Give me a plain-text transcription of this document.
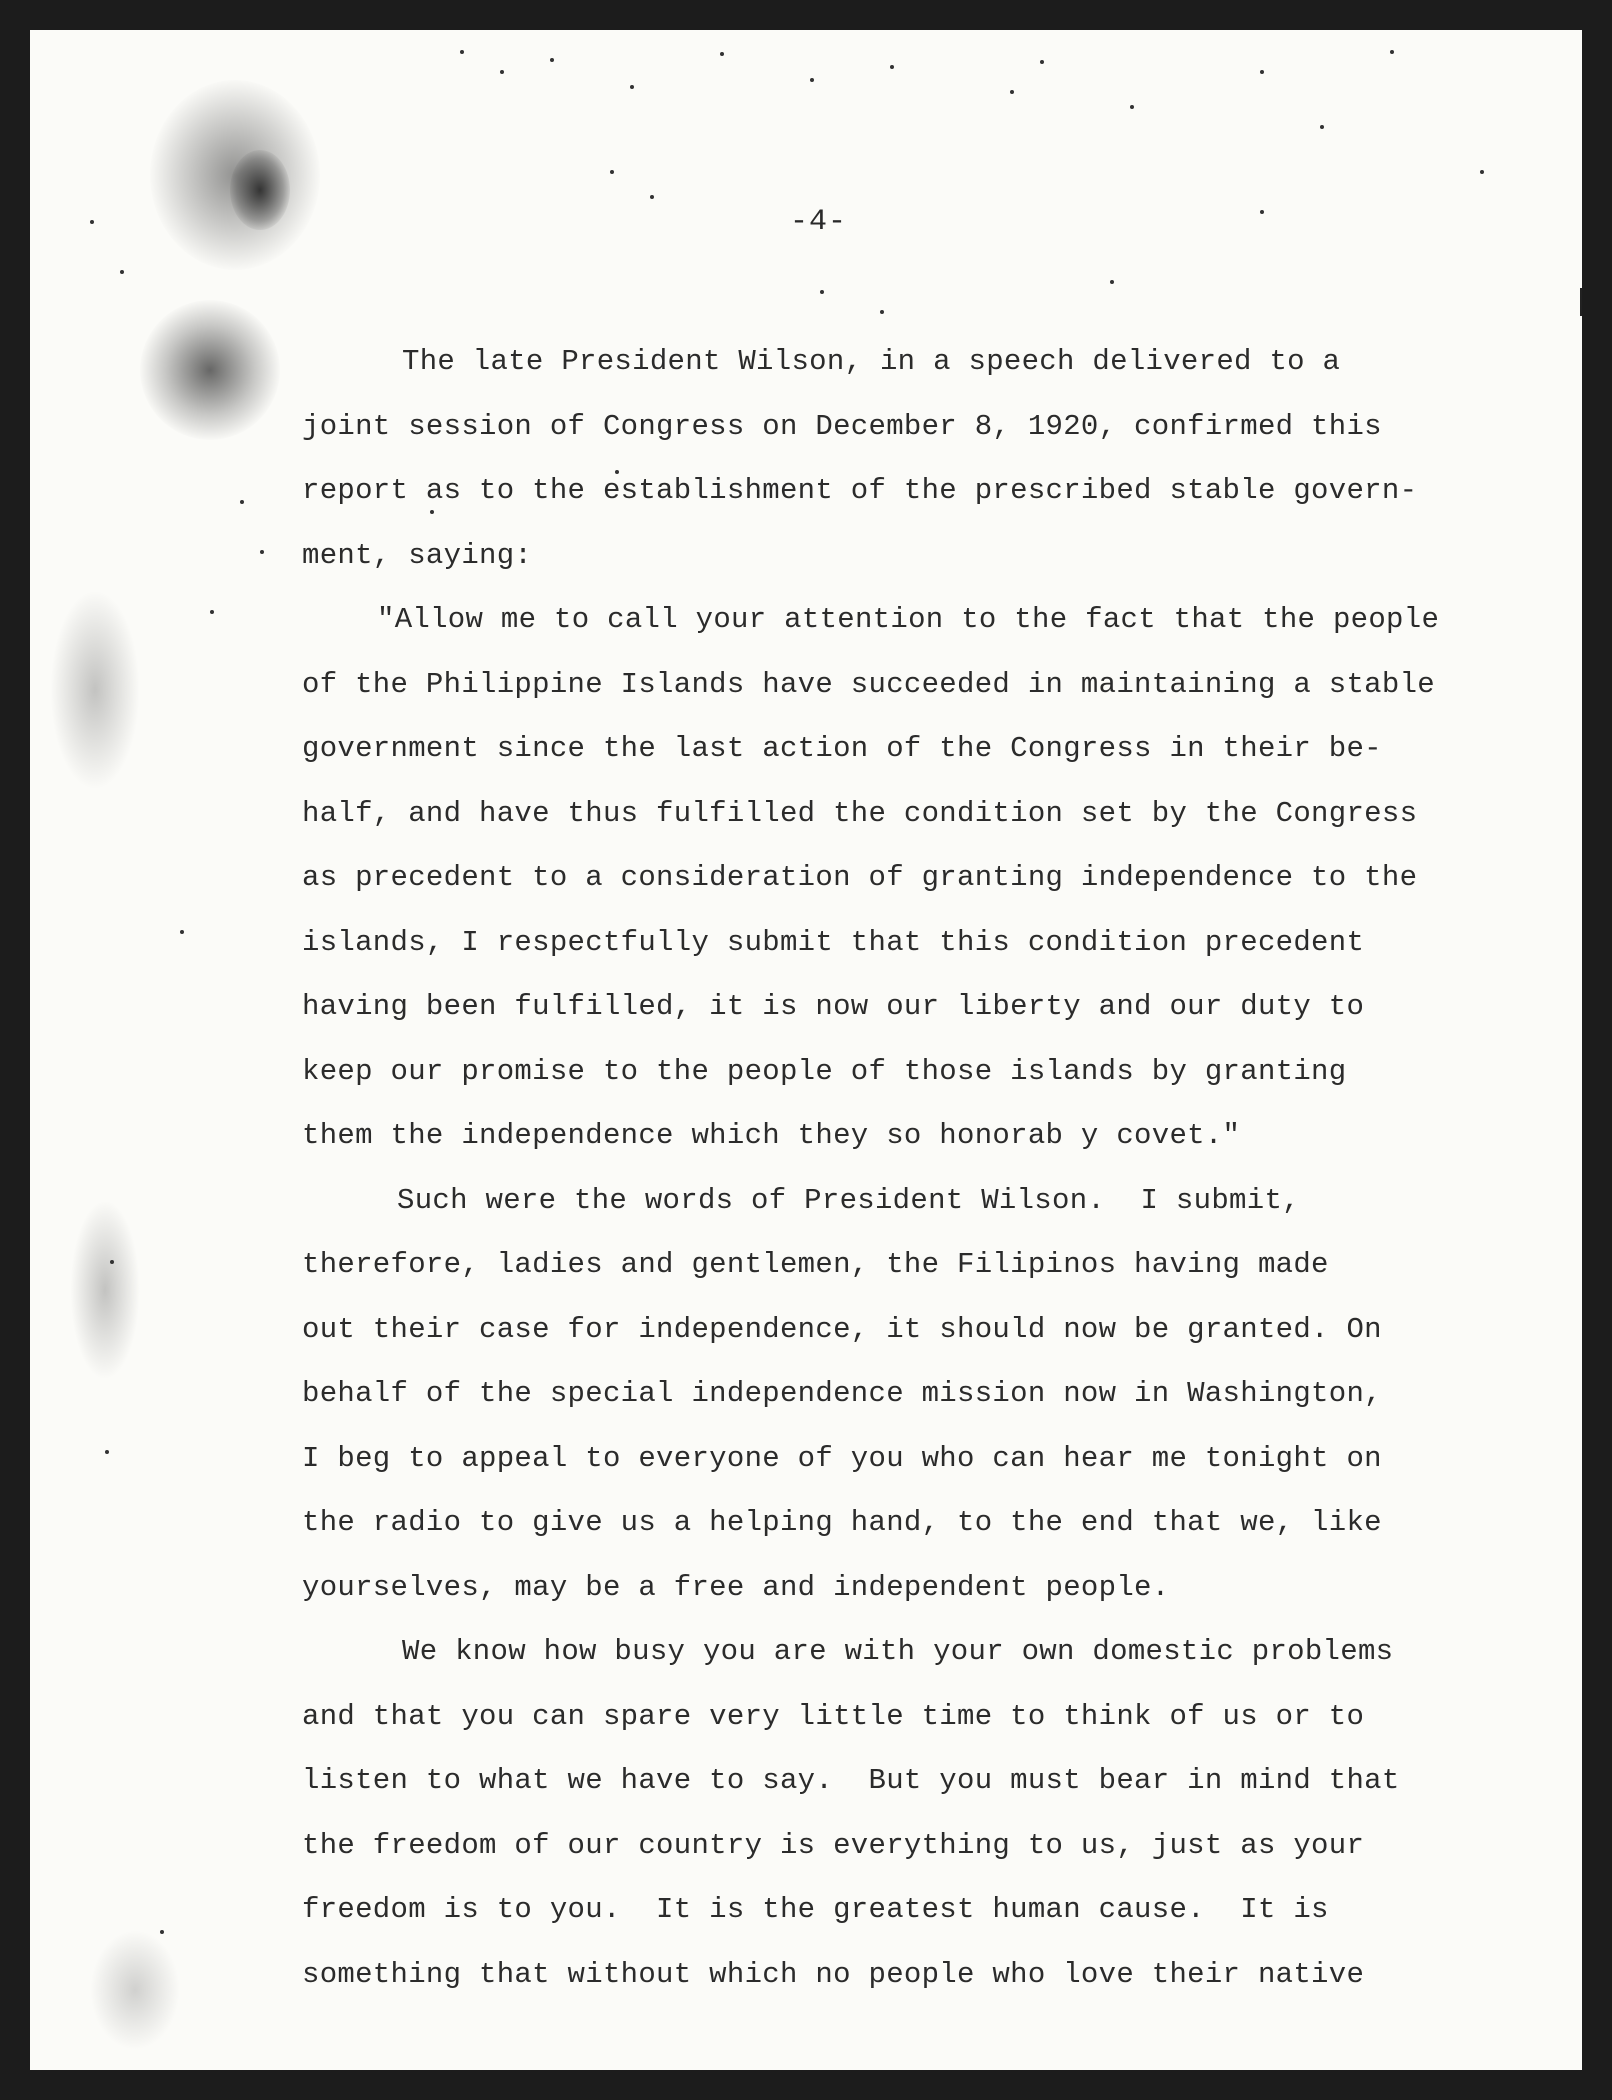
-4-
The late President Wilson, in a speech delivered to a
joint session of Congress on December 8, 1920, confirmed this
report as to the establishment of the prescribed stable govern-
ment, saying:
"Allow me to call your attention to the fact that the people
of the Philippine Islands have succeeded in maintaining a stable
government since the last action of the Congress in their be-
half, and have thus fulfilled the condition set by the Congress
as precedent to a consideration of granting independence to the
islands, I respectfully submit that this condition precedent
having been fulfilled, it is now our liberty and our duty to
keep our promise to the people of those islands by granting
them the independence which they so honorab y covet."
Such were the words of President Wilson.  I submit,
therefore, ladies and gentlemen, the Filipinos having made
out their case for independence, it should now be granted. On
behalf of the special independence mission now in Washington,
I beg to appeal to everyone of you who can hear me tonight on
the radio to give us a helping hand, to the end that we, like
yourselves, may be a free and independent people.
We know how busy you are with your own domestic problems
and that you can spare very little time to think of us or to
listen to what we have to say.  But you must bear in mind that
the freedom of our country is everything to us, just as your
freedom is to you.  It is the greatest human cause.  It is
something that without which no people who love their native
